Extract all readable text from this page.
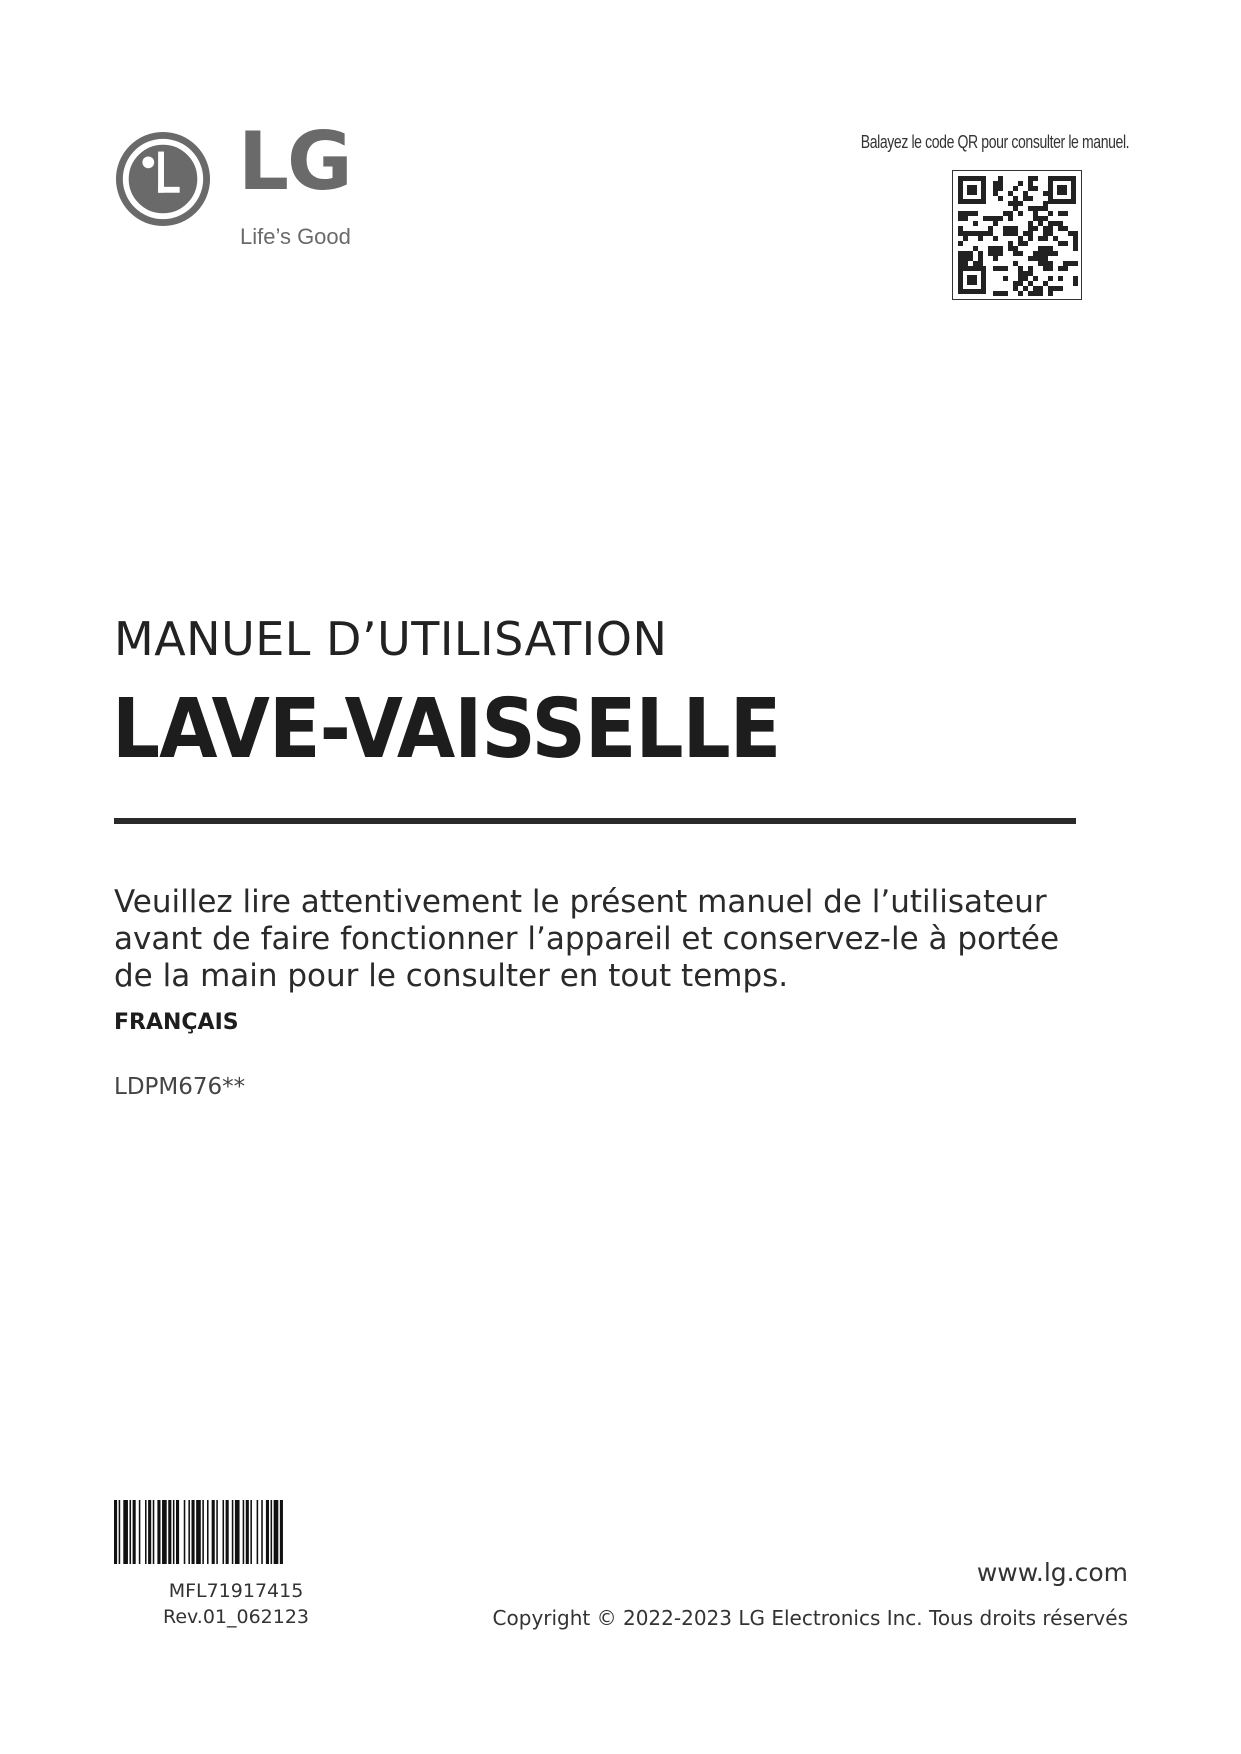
LG
Life’s Good
Balayez le code QR pour consulter le manuel.
MANUEL D’UTILISATION
LAVE-VAISSELLE
Veuillez lire attentivement le présent manuel de l’utilisateur avant de faire fonctionner l’appareil et conservez-le à portée de la main pour le consulter en tout temps.
FRANÇAIS
LDPM676**
MFL71917415
Rev.01_062123
www.lg.com
Copyright © 2022-2023 LG Electronics Inc. Tous droits réservés
